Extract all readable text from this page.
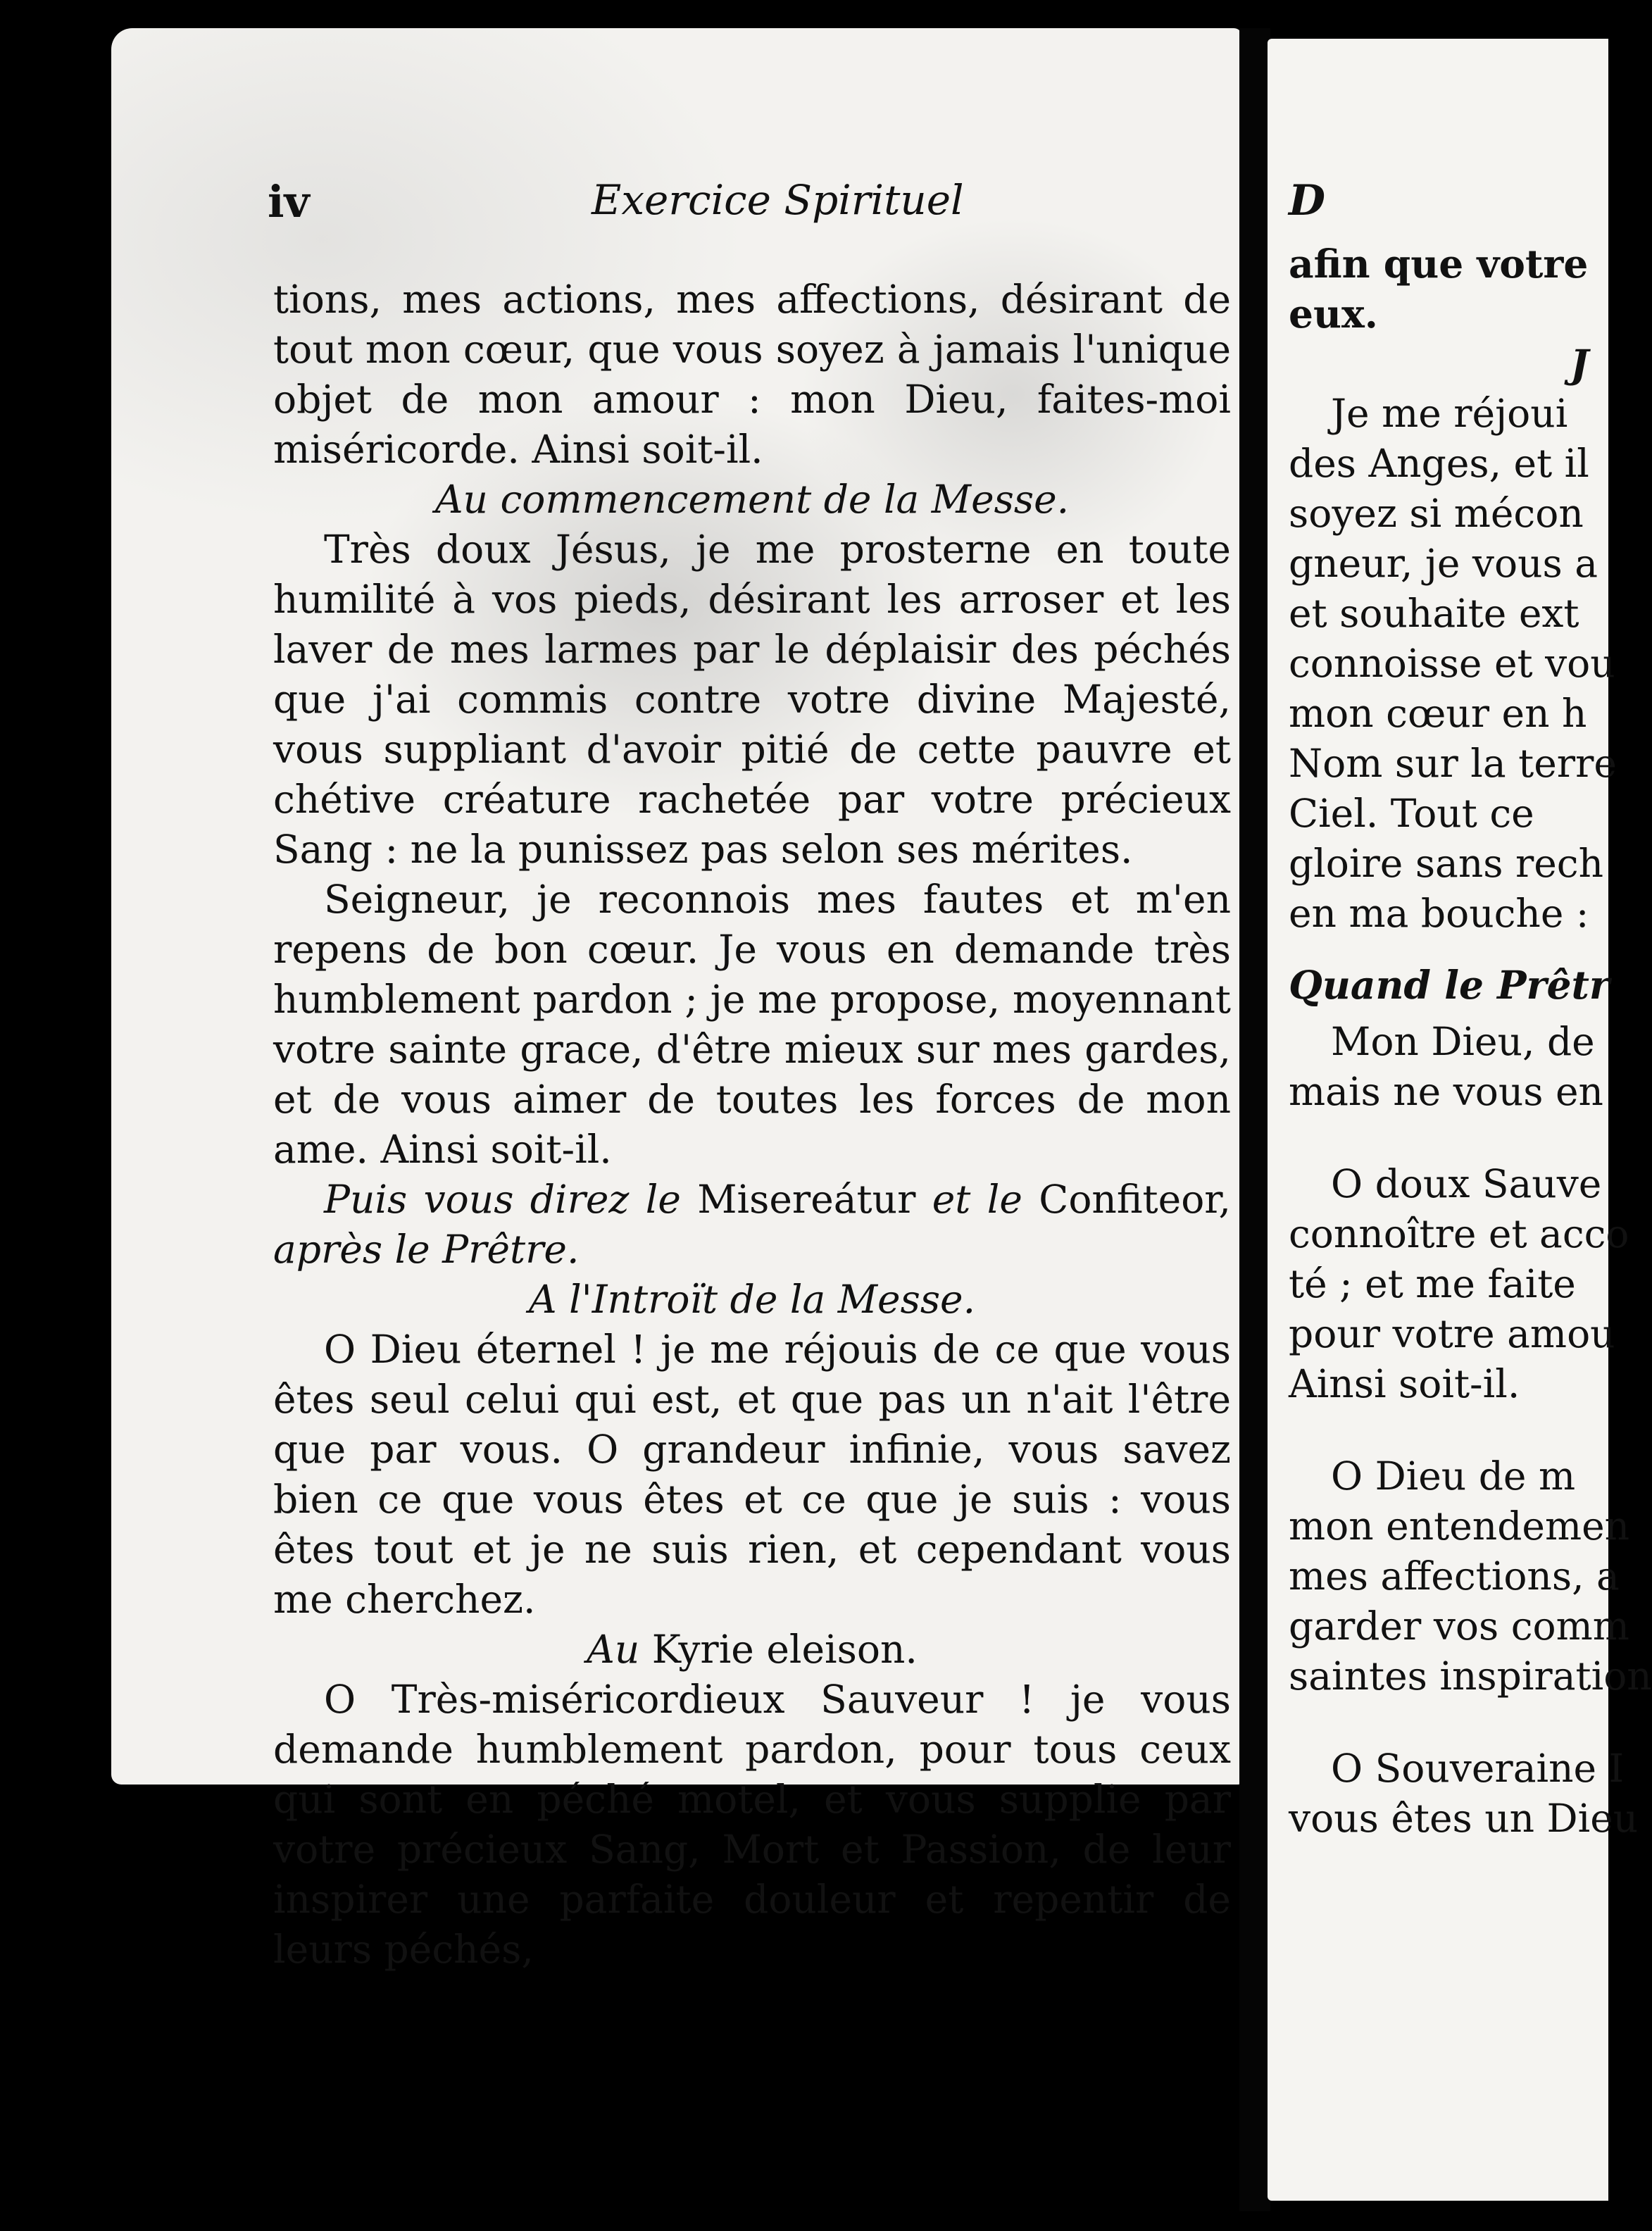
iv	Exercice Spirituel

tions, mes actions, mes affections, désirant de tout mon cœur, que vous soyez à jamais l'unique objet de mon amour : mon Dieu, faites-moi miséricorde. Ainsi soit-il.

Au commencement de la Messe.

Très doux Jésus, je me prosterne en toute humilité à vos pieds, désirant les arroser et les laver de mes larmes par le déplaisir des péchés que j'ai commis contre votre divine Majesté, vous suppliant d'avoir pitié de cette pauvre et chétive créature rachetée par votre précieux Sang : ne la punissez pas selon ses mérites.

Seigneur, je reconnois mes fautes et m'en repens de bon cœur. Je vous en demande très humblement pardon ; je me propose, moyennant votre sainte grace, d'être mieux sur mes gardes, et de vous aimer de toutes les forces de mon ame. Ainsi soit-il.

Puis vous direz le Misereátur et le Confiteor, après le Prêtre.

A l'Introït de la Messe.

O Dieu éternel ! je me réjouis de ce que vous êtes seul celui qui est, et que pas un n'ait l'être que par vous. O grandeur infinie, vous savez bien ce que vous êtes et ce que je suis : vous êtes tout et je ne suis rien, et cependant vous me cherchez.

Au Kyrie eleison.

O Très-miséricordieux Sauveur ! je vous demande humblement pardon, pour tous ceux qui sont en péché motel, et vous supplie par votre précieux Sang, Mort et Passion, de leur inspirer une parfaite douleur et repentir de leurs péchés,

D
afin que votre
eux.
J
Je me réjoui
des Anges, et il
soyez si mécon
gneur, je vous a
et souhaite ext
connoisse et vou
mon cœur en h
Nom sur la terre
Ciel. Tout ce
gloire sans rech
en ma bouche :
Quand le Prêtr
Mon Dieu, de
mais ne vous en
O doux Sauve
connoître et acco
té ; et me faite
pour votre amou
Ainsi soit-il.
O Dieu de m
mon entendemen
mes affections, a
garder vos comm
saintes inspiration
O Souveraine I
vous êtes un Dieu
